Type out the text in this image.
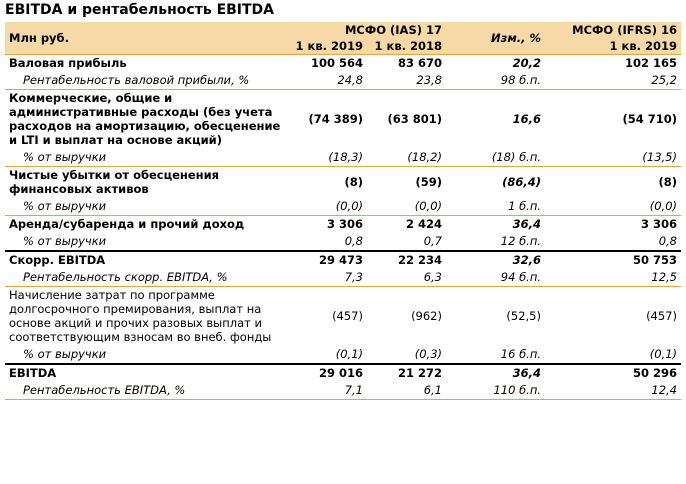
EBITDA и рентабельность EBITDA
Млн руб.	МСФО (IAS) 17		Изм., %	МСФО (IFRS) 16
	1 кв. 2019	1 кв. 2018		1 кв. 2019
Валовая прибыль	100 564	83 670	20,2	102 165
Рентабельность валовой прибыли, %	24,8	23,8	98 б.п.	25,2
Коммерческие, общие и административные расходы (без учета расходов на амортизацию, обесценение и LTI и выплат на основе акций)	(74 389)	(63 801)	16,6	(54 710)
% от выручки	(18,3)	(18,2)	(18) б.п.	(13,5)
Чистые убытки от обесценения финансовых активов	(8)	(59)	(86,4)	(8)
% от выручки	(0,0)	(0,0)	1 б.п.	(0,0)
Аренда/субаренда и прочий доход	3 306	2 424	36,4	3 306
% от выручки	0,8	0,7	12 б.п.	0,8
Скорр. EBITDA	29 473	22 234	32,6	50 753
Рентабельность скорр. EBITDA, %	7,3	6,3	94 б.п.	12,5
Начисление затрат по программе долгосрочного премирования, выплат на основе акций и прочих разовых выплат и соответствующим взносам во внеб. фонды	(457)	(962)	(52,5)	(457)
% от выручки	(0,1)	(0,3)	16 б.п.	(0,1)
EBITDA	29 016	21 272	36,4	50 296
Рентабельность EBITDA, %	7,1	6,1	110 б.п.	12,4
